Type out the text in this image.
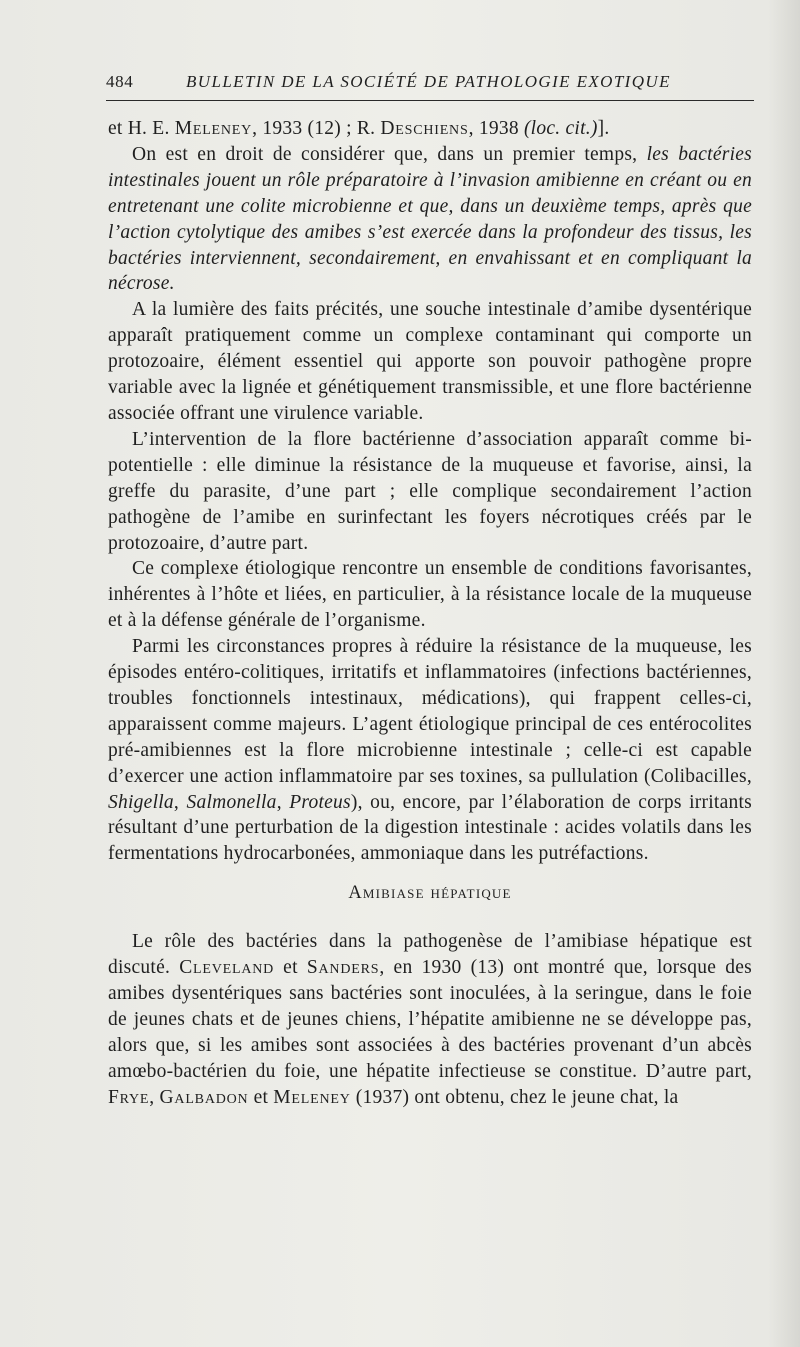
484	BULLETIN DE LA SOCIÉTÉ DE PATHOLOGIE EXOTIQUE

et H. E. Meleney, 1933 (12) ; R. Deschiens, 1938 (loc. cit.)].

On est en droit de considérer que, dans un premier temps, les bactéries intestinales jouent un rôle préparatoire à l’invasion amibienne en créant ou en entretenant une colite microbienne et que, dans un deuxième temps, après que l’action cytolytique des amibes s’est exercée dans la profondeur des tissus, les bactéries interviennent, secondairement, en envahissant et en compliquant la nécrose.

A la lumière des faits précités, une souche intestinale d’amibe dysentérique apparaît pratiquement comme un complexe contaminant qui comporte un protozoaire, élément essentiel qui apporte son pouvoir pathogène propre variable avec la lignée et génétiquement transmissible, et une flore bactérienne associée offrant une virulence variable.

L’intervention de la flore bactérienne d’association apparaît comme bi-potentielle : elle diminue la résistance de la muqueuse et favorise, ainsi, la greffe du parasite, d’une part ; elle complique secondairement l’action pathogène de l’amibe en surinfectant les foyers nécrotiques créés par le protozoaire, d’autre part.

Ce complexe étiologique rencontre un ensemble de conditions favorisantes, inhérentes à l’hôte et liées, en particulier, à la résistance locale de la muqueuse et à la défense générale de l’organisme.

Parmi les circonstances propres à réduire la résistance de la muqueuse, les épisodes entéro-colitiques, irritatifs et inflammatoires (infections bactériennes, troubles fonctionnels intestinaux, médications), qui frappent celles-ci, apparaissent comme majeurs. L’agent étiologique principal de ces entérocolites pré-amibiennes est la flore microbienne intestinale ; celle-ci est capable d’exercer une action inflammatoire par ses toxines, sa pullulation (Colibacilles, Shigella, Salmonella, Proteus), ou, encore, par l’élaboration de corps irritants résultant d’une perturbation de la digestion intestinale : acides volatils dans les fermentations hydrocarbonées, ammoniaque dans les putréfactions.

Amibiase hépatique

Le rôle des bactéries dans la pathogenèse de l’amibiase hépatique est discuté. Cleveland et Sanders, en 1930 (13) ont montré que, lorsque des amibes dysentériques sans bactéries sont inoculées, à la seringue, dans le foie de jeunes chats et de jeunes chiens, l’hépatite amibienne ne se développe pas, alors que, si les amibes sont associées à des bactéries provenant d’un abcès amœbo-bactérien du foie, une hépatite infectieuse se constitue. D’autre part, Frye, Galbadon et Meleney (1937) ont obtenu, chez le jeune chat, la
